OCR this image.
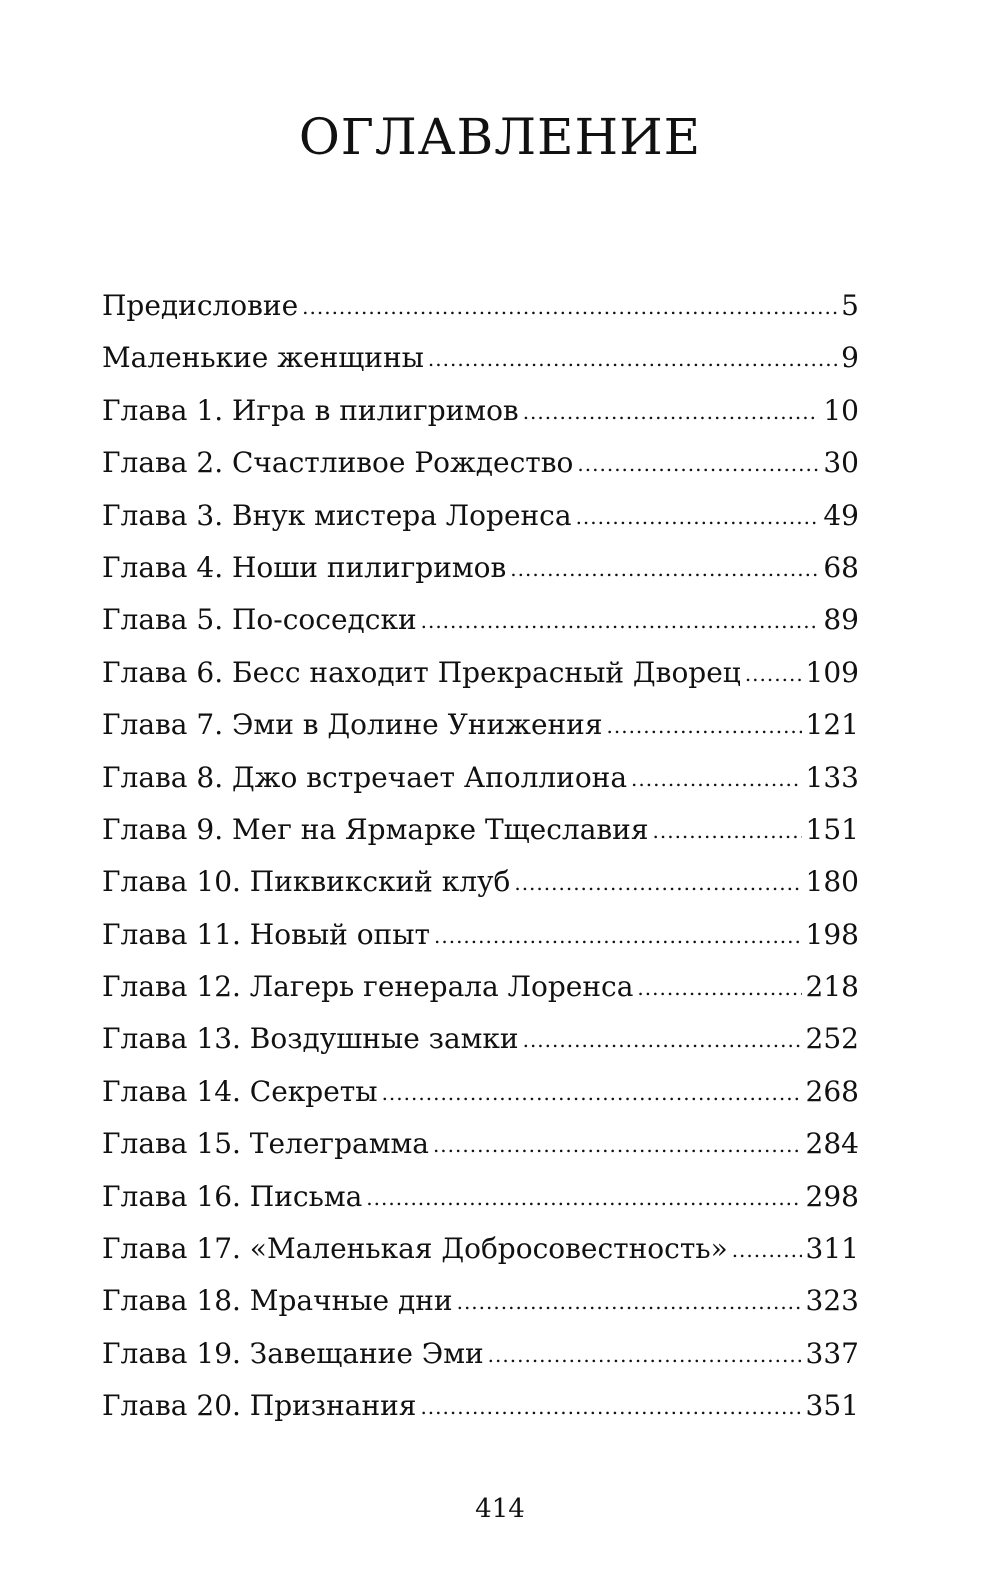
ОГЛАВЛЕНИЕ
Предисловие .....	5
Маленькие женщины .....	9
Глава 1. Игра в пилигримов .....	10
Глава 2. Счастливое Рождество .....	30
Глава 3. Внук мистера Лоренса .....	49
Глава 4. Ноши пилигримов .....	68
Глава 5. По-соседски .....	89
Глава 6. Бесс находит Прекрасный Дворец ..... 109
Глава 7. Эми в Долине Унижения .....	121
Глава 8. Джо встречает Аполлиона .....	133
Глава 9. Мег на Ярмарке Тщеславия .....	151
Глава 10. Пиквикский клуб .....	180
Глава 11. Новый опыт .....	198
Глава 12. Лагерь генерала Лоренса .....	218
Глава 13. Воздушные замки .....	252
Глава 14. Секреты .....	268
Глава 15. Телеграмма .....	284
Глава 16. Письма .....	298
Глава 17. «Маленькая Добросовестность» .....	311
Глава 18. Мрачные дни .....	323
Глава 19. Завещание Эми .....	337
Глава 20. Признания .....	351
414
